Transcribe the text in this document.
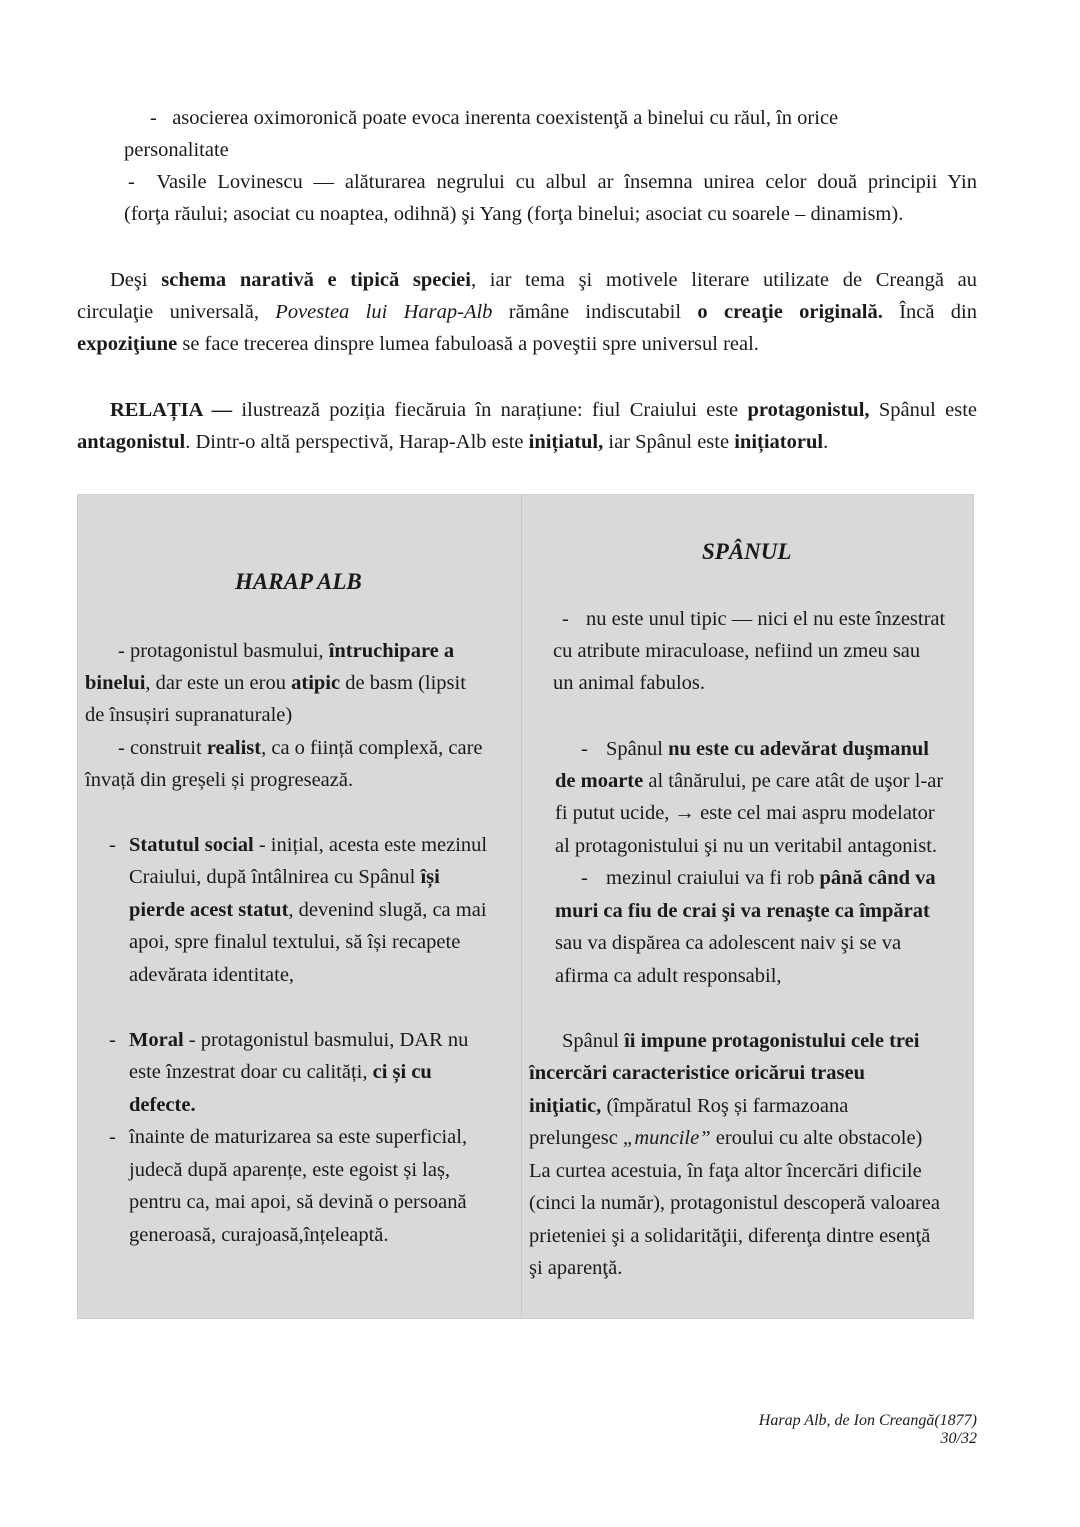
- asocierea oximoronică poate evoca inerenta coexistenţă a binelui cu răul, în orice
personalitate
- Vasile Lovinescu — alăturarea negrului cu albul ar însemna unirea celor două principii Yin
(forţa răului; asociat cu noaptea, odihnă) şi Yang (forţa binelui; asociat cu soarele – dinamism).
Deşi schema narativă e tipică speciei, iar tema şi motivele literare utilizate de Creangă au
circulaţie universală, Povestea lui Harap-Alb rămâne indiscutabil o creaţie originală. Încă din
expoziţiune se face trecerea dinspre lumea fabuloasă a poveştii spre universul real.
RELAȚIA — ilustrează poziția fiecăruia în narațiune: fiul Craiului este protagonistul, Spânul este
antagonistul. Dintr-o altă perspectivă, Harap-Alb este inițiatul, iar Spânul este inițiatorul.
HARAP ALB
- protagonistul basmului, întruchipare a
binelui, dar este un erou atipic de basm (lipsit
de însușiri supranaturale)
- construit realist, ca o ființă complexă, care
învață din greșeli și progresează.
- Statutul social - inițial, acesta este mezinul
Craiului, după întâlnirea cu Spânul își
pierde acest statut, devenind slugă, ca mai
apoi, spre finalul textului, să își recapete
adevărata identitate,
- Moral - protagonistul basmului, DAR nu
este înzestrat doar cu calități, ci și cu
defecte.
- înainte de maturizarea sa este superficial,
judecă după aparențe, este egoist și laș,
pentru ca, mai apoi, să devină o persoană
generoasă, curajoasă,înțeleaptă.
SPÂNUL
- nu este unul tipic — nici el nu este înzestrat
cu atribute miraculoase, nefiind un zmeu sau
un animal fabulos.
- Spânul nu este cu adevărat duşmanul
de moarte al tânărului, pe care atât de uşor l-ar
fi putut ucide, → este cel mai aspru modelator
al protagonistului şi nu un veritabil antagonist.
- mezinul craiului va fi rob până când va
muri ca fiu de crai şi va renaşte ca împărat
sau va dispărea ca adolescent naiv şi se va
afirma ca adult responsabil,
Spânul îi impune protagonistului cele trei
încercări caracteristice oricărui traseu
iniţiatic, (împăratul Roş și farmazoana
prelungesc „muncile” eroului cu alte obstacole)
La curtea acestuia, în faţa altor încercări dificile
(cinci la număr), protagonistul descoperă valoarea
prieteniei şi a solidarităţii, diferenţa dintre esenţă
şi aparenţă.
Harap Alb, de Ion Creangă(1877)
30/32
